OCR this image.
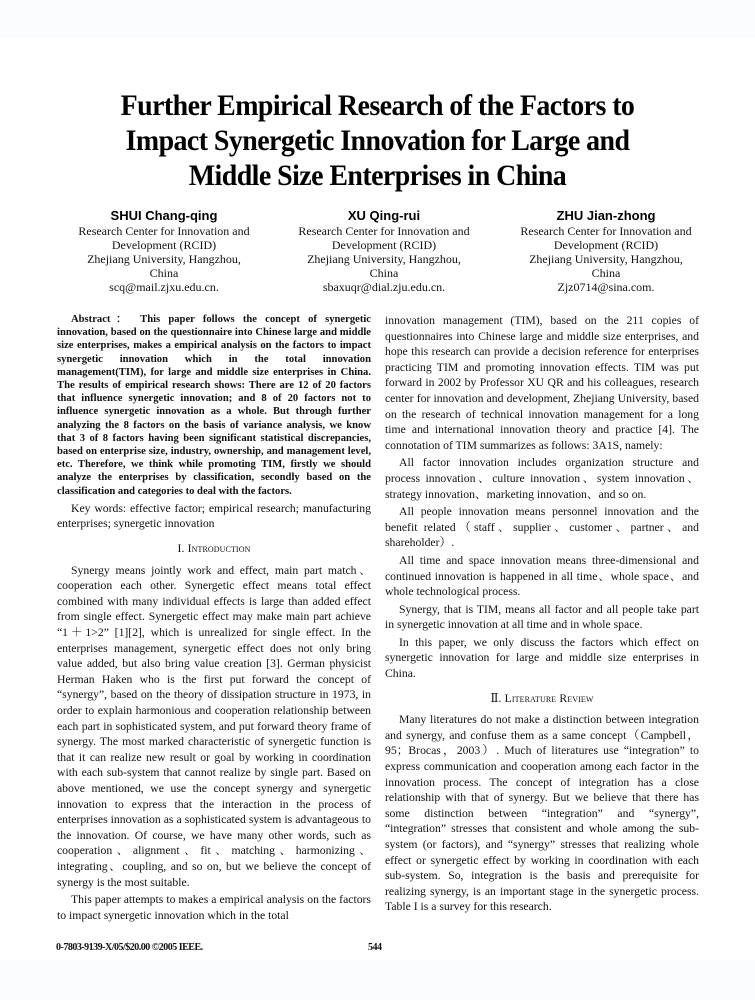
Further Empirical Research of the Factors to
Impact Synergetic Innovation for Large and
Middle Size Enterprises in China
SHUI Chang-qing
Research Center for Innovation and
Development (RCID)
Zhejiang University, Hangzhou,
China
scq@mail.zjxu.edu.cn.
XU Qing-rui
Research Center for Innovation and
Development (RCID)
Zhejiang University, Hangzhou,
China
sbaxuqr@dial.zju.edu.cn.
ZHU Jian-zhong
Research Center for Innovation and
Development (RCID)
Zhejiang University, Hangzhou,
China
Zjz0714@sina.com.

Abstract： This paper follows the concept of synergetic innovation, based on the questionnaire into Chinese large and middle size enterprises, makes a empirical analysis on the factors to impact synergetic innovation which in the total innovation management(TIM), for large and middle size enterprises in China. The results of empirical research shows: There are 12 of 20 factors that influence synergetic innovation; and 8 of 20 factors not to influence synergetic innovation as a whole. But through further analyzing the 8 factors on the basis of variance analysis, we know that 3 of 8 factors having been significant statistical discrepancies, based on enterprise size, industry, ownership, and management level, etc. Therefore, we think while promoting TIM, firstly we should analyze the enterprises by classification, secondly based on the classification and categories to deal with the factors.

Key words: effective factor; empirical research; manufacturing enterprises; synergetic innovation

I. Introduction

Synergy means jointly work and effect, main part match、cooperation each other. Synergetic effect means total effect combined with many individual effects is large than added effect from single effect. Synergetic effect may make main part achieve “1＋1>2” [1][2], which is unrealized for single effect. In the enterprises management, synergetic effect does not only bring value added, but also bring value creation [3]. German physicist Herman Haken who is the first put forward the concept of “synergy”, based on the theory of dissipation structure in 1973, in order to explain harmonious and cooperation relationship between each part in sophisticated system, and put forward theory frame of synergy. The most marked characteristic of synergetic function is that it can realize new result or goal by working in coordination with each sub-system that cannot realize by single part. Based on above mentioned, we use the concept synergy and synergetic innovation to express that the interaction in the process of enterprises innovation as a sophisticated system is advantageous to the innovation. Of course, we have many other words, such as cooperation、alignment、fit、matching、harmonizing、integrating、coupling, and so on, but we believe the concept of synergy is the most suitable.

This paper attempts to makes a empirical analysis on the factors to impact synergetic innovation which in the total

innovation management (TIM), based on the 211 copies of questionnaires into Chinese large and middle size enterprises, and hope this research can provide a decision reference for enterprises practicing TIM and promoting innovation effects. TIM was put forward in 2002 by Professor XU QR and his colleagues, research center for innovation and development, Zhejiang University, based on the research of technical innovation management for a long time and international innovation theory and practice [4]. The connotation of TIM summarizes as follows: 3A1S, namely:

All factor innovation includes organization structure and process innovation、culture innovation、system innovation、strategy innovation、marketing innovation、and so on.

All people innovation means personnel innovation and the benefit related（staff、supplier、customer、partner、and shareholder）.

All time and space innovation means three-dimensional and continued innovation is happened in all time、whole space、and whole technological process.

Synergy, that is TIM, means all factor and all people take part in synergetic innovation at all time and in whole space.

In this paper, we only discuss the factors which effect on synergetic innovation for large and middle size enterprises in China.

Ⅱ. Literature Review

Many literatures do not make a distinction between integration and synergy, and confuse them as a same concept（Campbell，95；Brocas，2003）. Much of literatures use “integration” to express communication and cooperation among each factor in the innovation process. The concept of integration has a close relationship with that of synergy. But we believe that there has some distinction between “integration” and “synergy”, “integration” stresses that consistent and whole among the sub-system (or factors), and “synergy” stresses that realizing whole effect or synergetic effect by working in coordination with each sub-system. So, integration is the basis and prerequisite for realizing synergy, is an important stage in the synergetic process. Table I is a survey for this research.

0-7803-9139-X/05/$20.00 ©2005 IEEE.	544
